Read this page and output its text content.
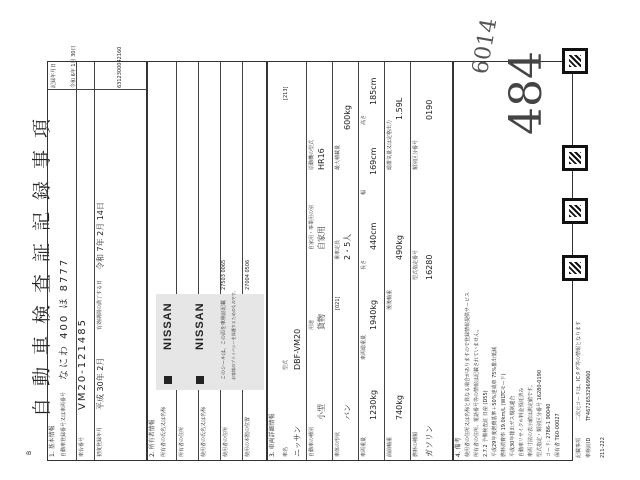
自動車検査証記録事項
B	1. 基本情報 自動車登録番号又は車両番号
なにわ 400 ほ 8777
車台番号
VM20-121485
初度登録年月
平成 30年 2月
有効期間の満了する日
令和 7年 2月 14日
記録年月日	令和 6年 1月 30日	6312300042160
2. 所有者情報 所有者の氏名又は名称 所有者の住所	使用者の氏名又は名称	使用者の住所	使用の本拠の位置
27503 0065	27004 0506
NISSAN NISSAN	このシールは、この面を車検証記載 お客様のプライバシーを保護するためのものです。
3. 車両詳細情報 車名 ニッサン
型式 DBF-VM20
[213]
自動車の種別
小型
用途 貨物
自家用・事業用の別 自家用
原動機の型式 HR16
車体の形状
バン
[021]
乗車定員 2・5人
最大積載量
600kg
車両重量
1230kg
車両総重量
1940kg
長さ
440cm
幅
169cm
高さ
185cm
前前軸重
740kg
後後軸重
490kg
総排気量又は定格出力
1.59L
燃料の種類 ガソリン
型式指定番号 16280
類別区分番号
0190
4. 備考 使用者の住所又は名称と異なる場合がありますので登録情報提供サービス 所有者の住所、電話番号等の情報は記載されていません。 2.7.2 予備検査証 日産 (D55) 平成29年度燃費基準＋50%達成車 75%排出低減 燃料消費率 19.0km/L (WLTCモード) 平成30年排出ガス規制適合 自動車リサイクル料金預託済み 車両寸法の表示値は測定値です。 型式指定・類別区分番号 16280-0190 コード: 2786-1 90040 保有者 T60-00027	記載事項
二次元コードは、ICタグ等の情報となります
車検証ID
TF46726532969960
211-222
6014
484
